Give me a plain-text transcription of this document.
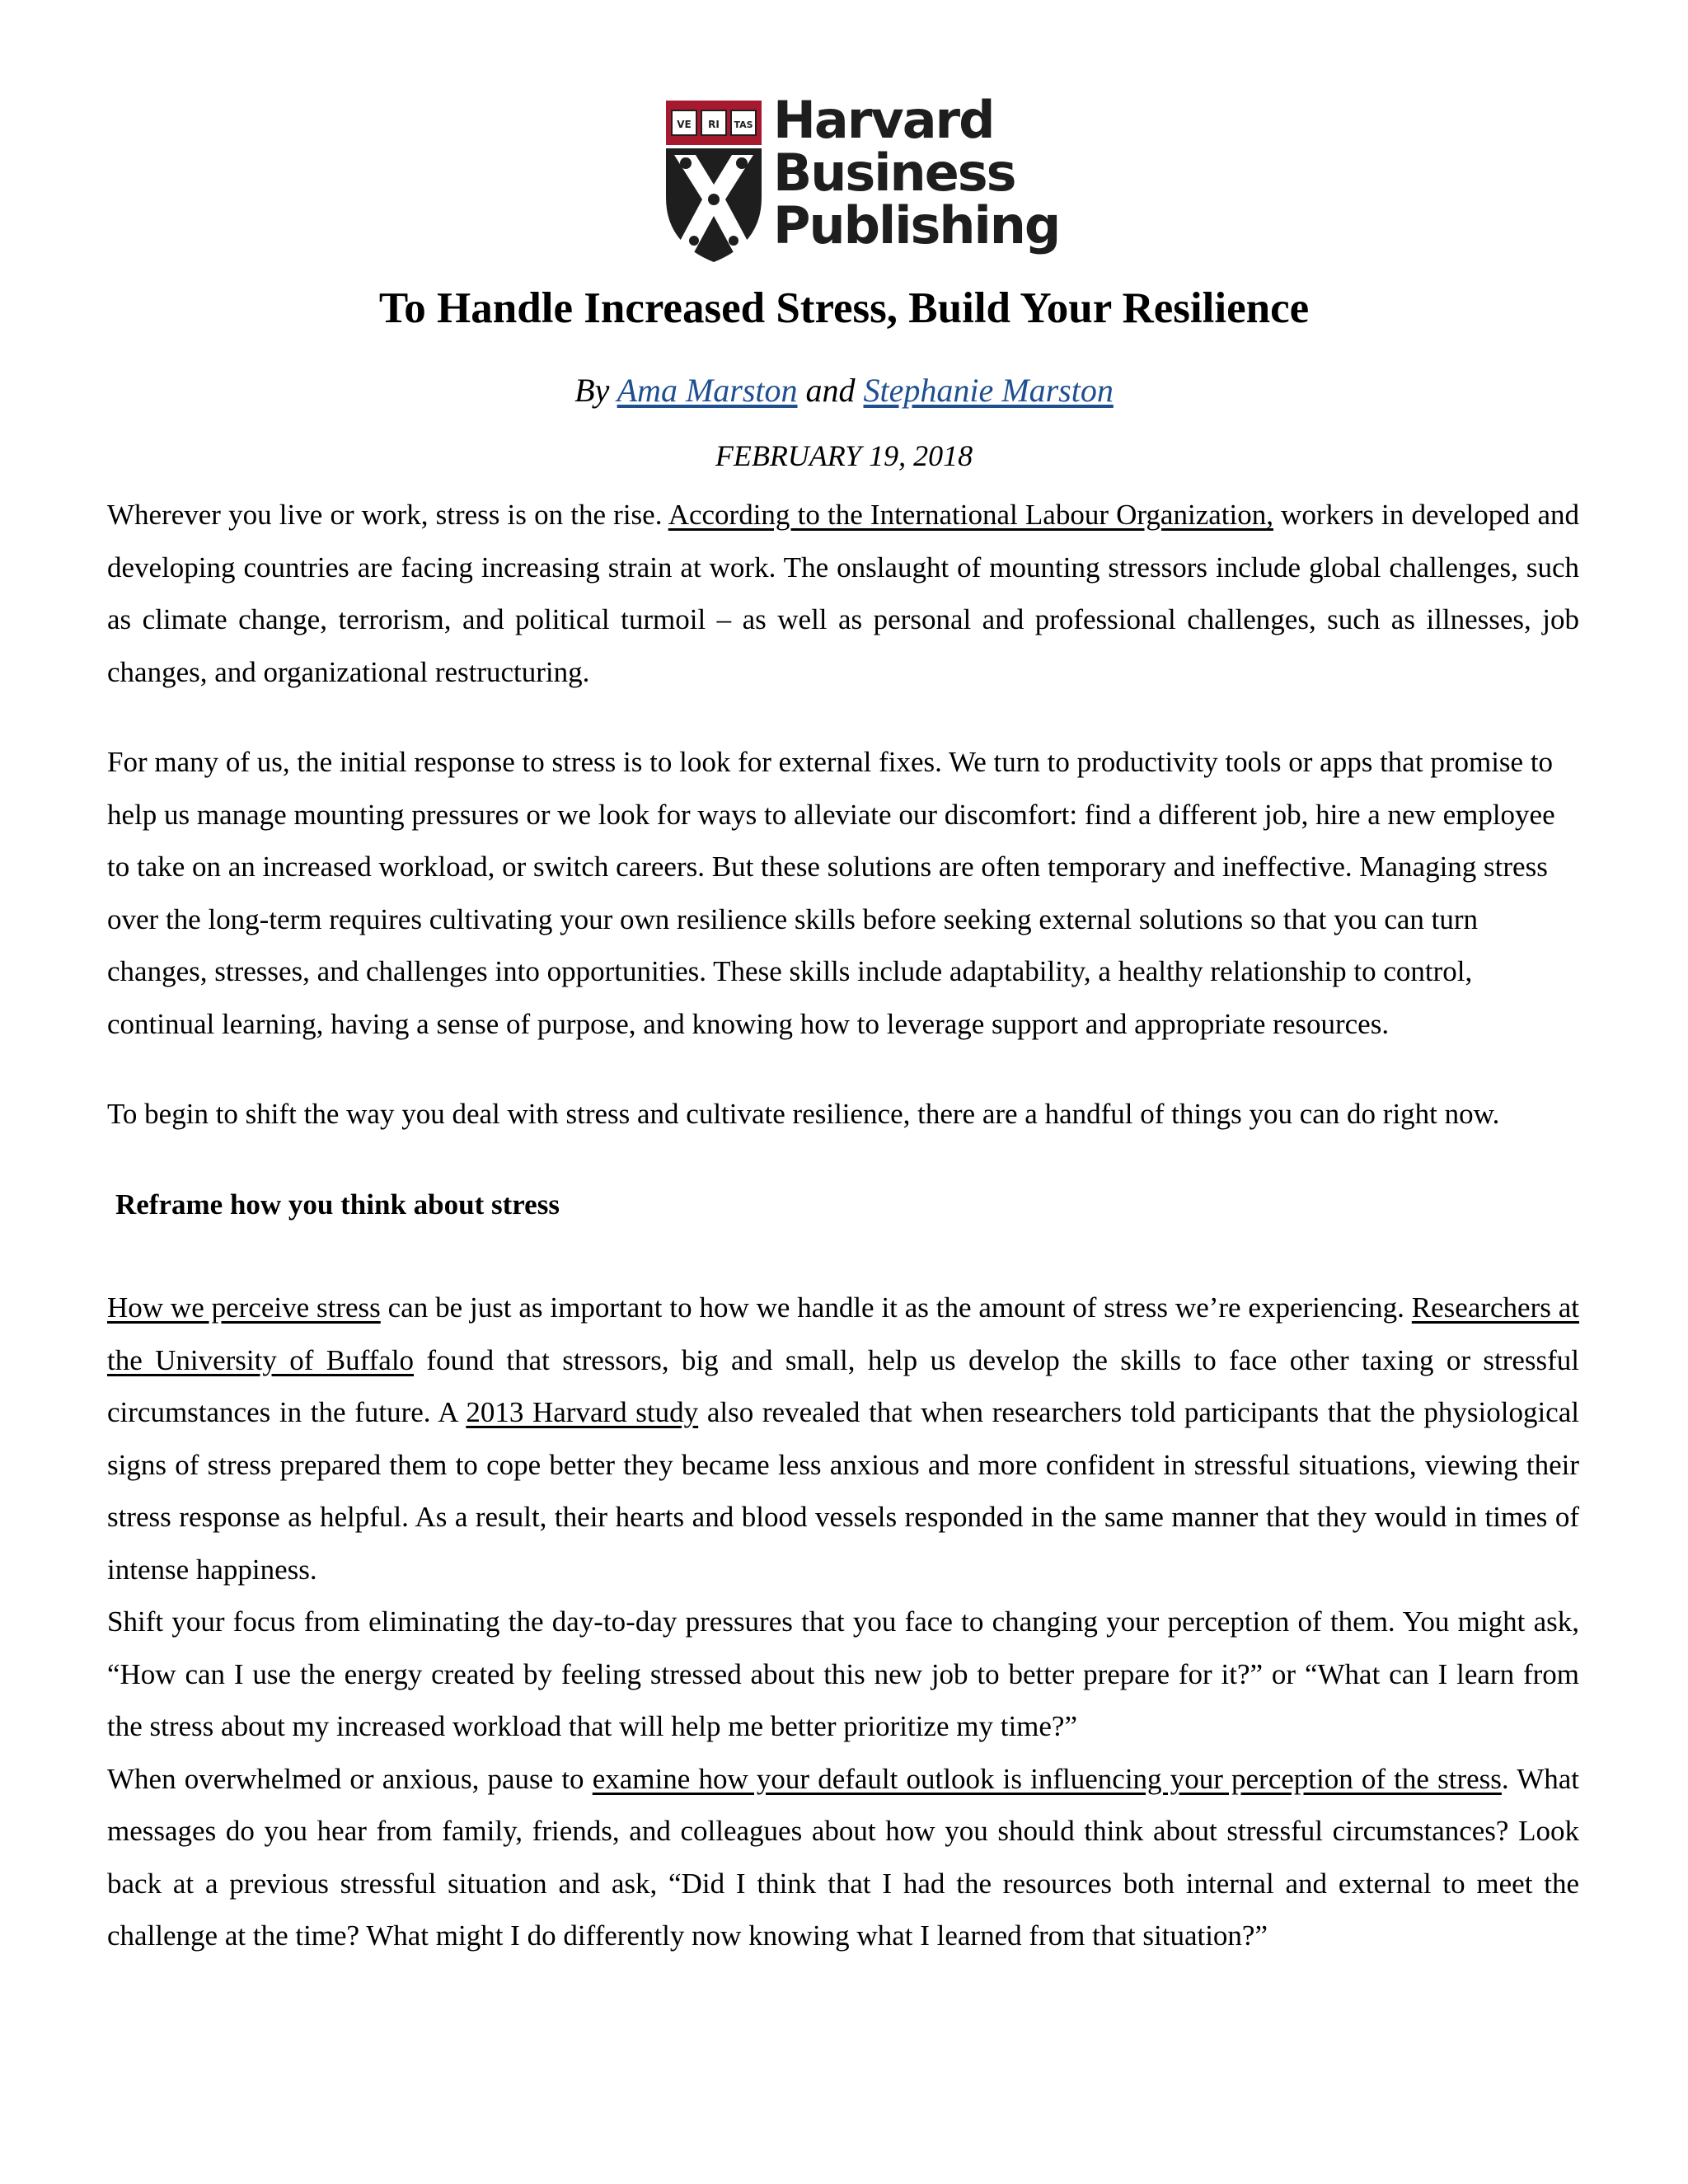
VE RI TAS Harvard
Business
Publishing
To Handle Increased Stress, Build Your Resilience
By Ama Marston and Stephanie Marston
FEBRUARY 19, 2018

Wherever you live or work, stress is on the rise. According to the International Labour Organization, workers in developed and developing countries are facing increasing strain at work. The onslaught of mounting stressors include global challenges, such as climate change, terrorism, and political turmoil – as well as personal and professional challenges, such as illnesses, job changes, and organizational restructuring.

For many of us, the initial response to stress is to look for external fixes. We turn to productivity tools or apps that promise to help us manage mounting pressures or we look for ways to alleviate our discomfort: find a different job, hire a new employee to take on an increased workload, or switch careers. But these solutions are often temporary and ineffective. Managing stress over the long-term requires cultivating your own resilience skills before seeking external solutions so that you can turn changes, stresses, and challenges into opportunities. These skills include adaptability, a healthy relationship to control, continual learning, having a sense of purpose, and knowing how to leverage support and appropriate resources.

To begin to shift the way you deal with stress and cultivate resilience, there are a handful of things you can do right now.

Reframe how you think about stress

How we perceive stress can be just as important to how we handle it as the amount of stress we’re experiencing. Researchers at the University of Buffalo found that stressors, big and small, help us develop the skills to face other taxing or stressful circumstances in the future. A 2013 Harvard study also revealed that when researchers told participants that the physiological signs of stress prepared them to cope better they became less anxious and more confident in stressful situations, viewing their stress response as helpful. As a result, their hearts and blood vessels responded in the same manner that they would in times of intense happiness.

Shift your focus from eliminating the day-to-day pressures that you face to changing your perception of them. You might ask, “How can I use the energy created by feeling stressed about this new job to better prepare for it?” or “What can I learn from the stress about my increased workload that will help me better prioritize my time?”

When overwhelmed or anxious, pause to examine how your default outlook is influencing your perception of the stress. What messages do you hear from family, friends, and colleagues about how you should think about stressful circumstances? Look back at a previous stressful situation and ask, “Did I think that I had the resources both internal and external to meet the challenge at the time? What might I do differently now knowing what I learned from that situation?”
